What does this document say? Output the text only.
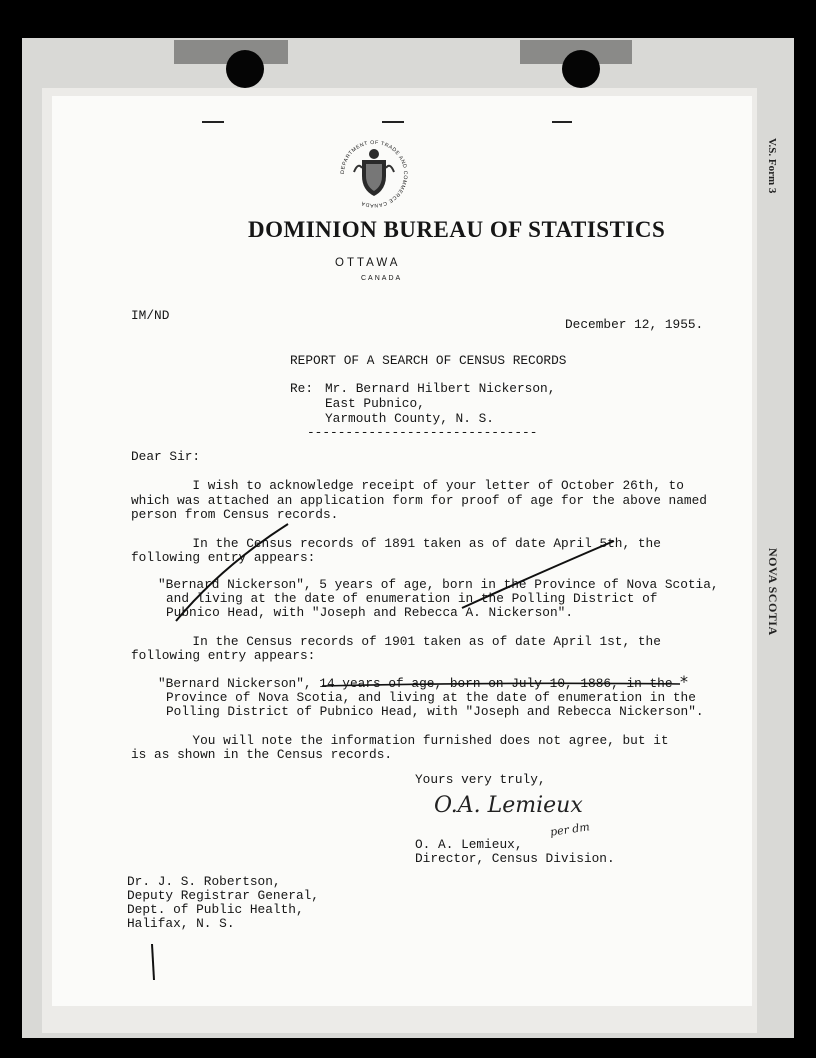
V.S. Form 3
NOVA SCOTIA
DEPARTMENT OF TRADE AND COMMERCE CANADA
DOMINION BUREAU OF STATISTICS
OTTAWA
CANADA
IM/ND
December 12, 1955.
REPORT OF A SEARCH OF CENSUS RECORDS
Re: Mr. Bernard Hilbert Nickerson,
East Pubnico,
Yarmouth County, N. S.
------------------------------
Dear Sir:
I wish to acknowledge receipt of your letter of October 26th, to
which was attached an application form for proof of age for the above named
person from Census records.
In the Census records of 1891 taken as of date April 5th, the
following entry appears:
"Bernard Nickerson", 5 years of age, born in the Province of Nova Scotia,
and living at the date of enumeration in the Polling District of
Pubnico Head, with "Joseph and Rebecca A. Nickerson".
In the Census records of 1901 taken as of date April 1st, the
following entry appears:
"Bernard Nickerson", 14 years of age, born on July 10, 1886, in the
Province of Nova Scotia, and living at the date of enumeration in the
Polling District of Pubnico Head, with "Joseph and Rebecca Nickerson".
You will note the information furnished does not agree, but it
is as shown in the Census records.
Yours very truly,
O.A. Lemieux
per dm
O. A. Lemieux,
Director, Census Division.
Dr. J. S. Robertson,
Deputy Registrar General,
Dept. of Public Health,
Halifax, N. S.
*
